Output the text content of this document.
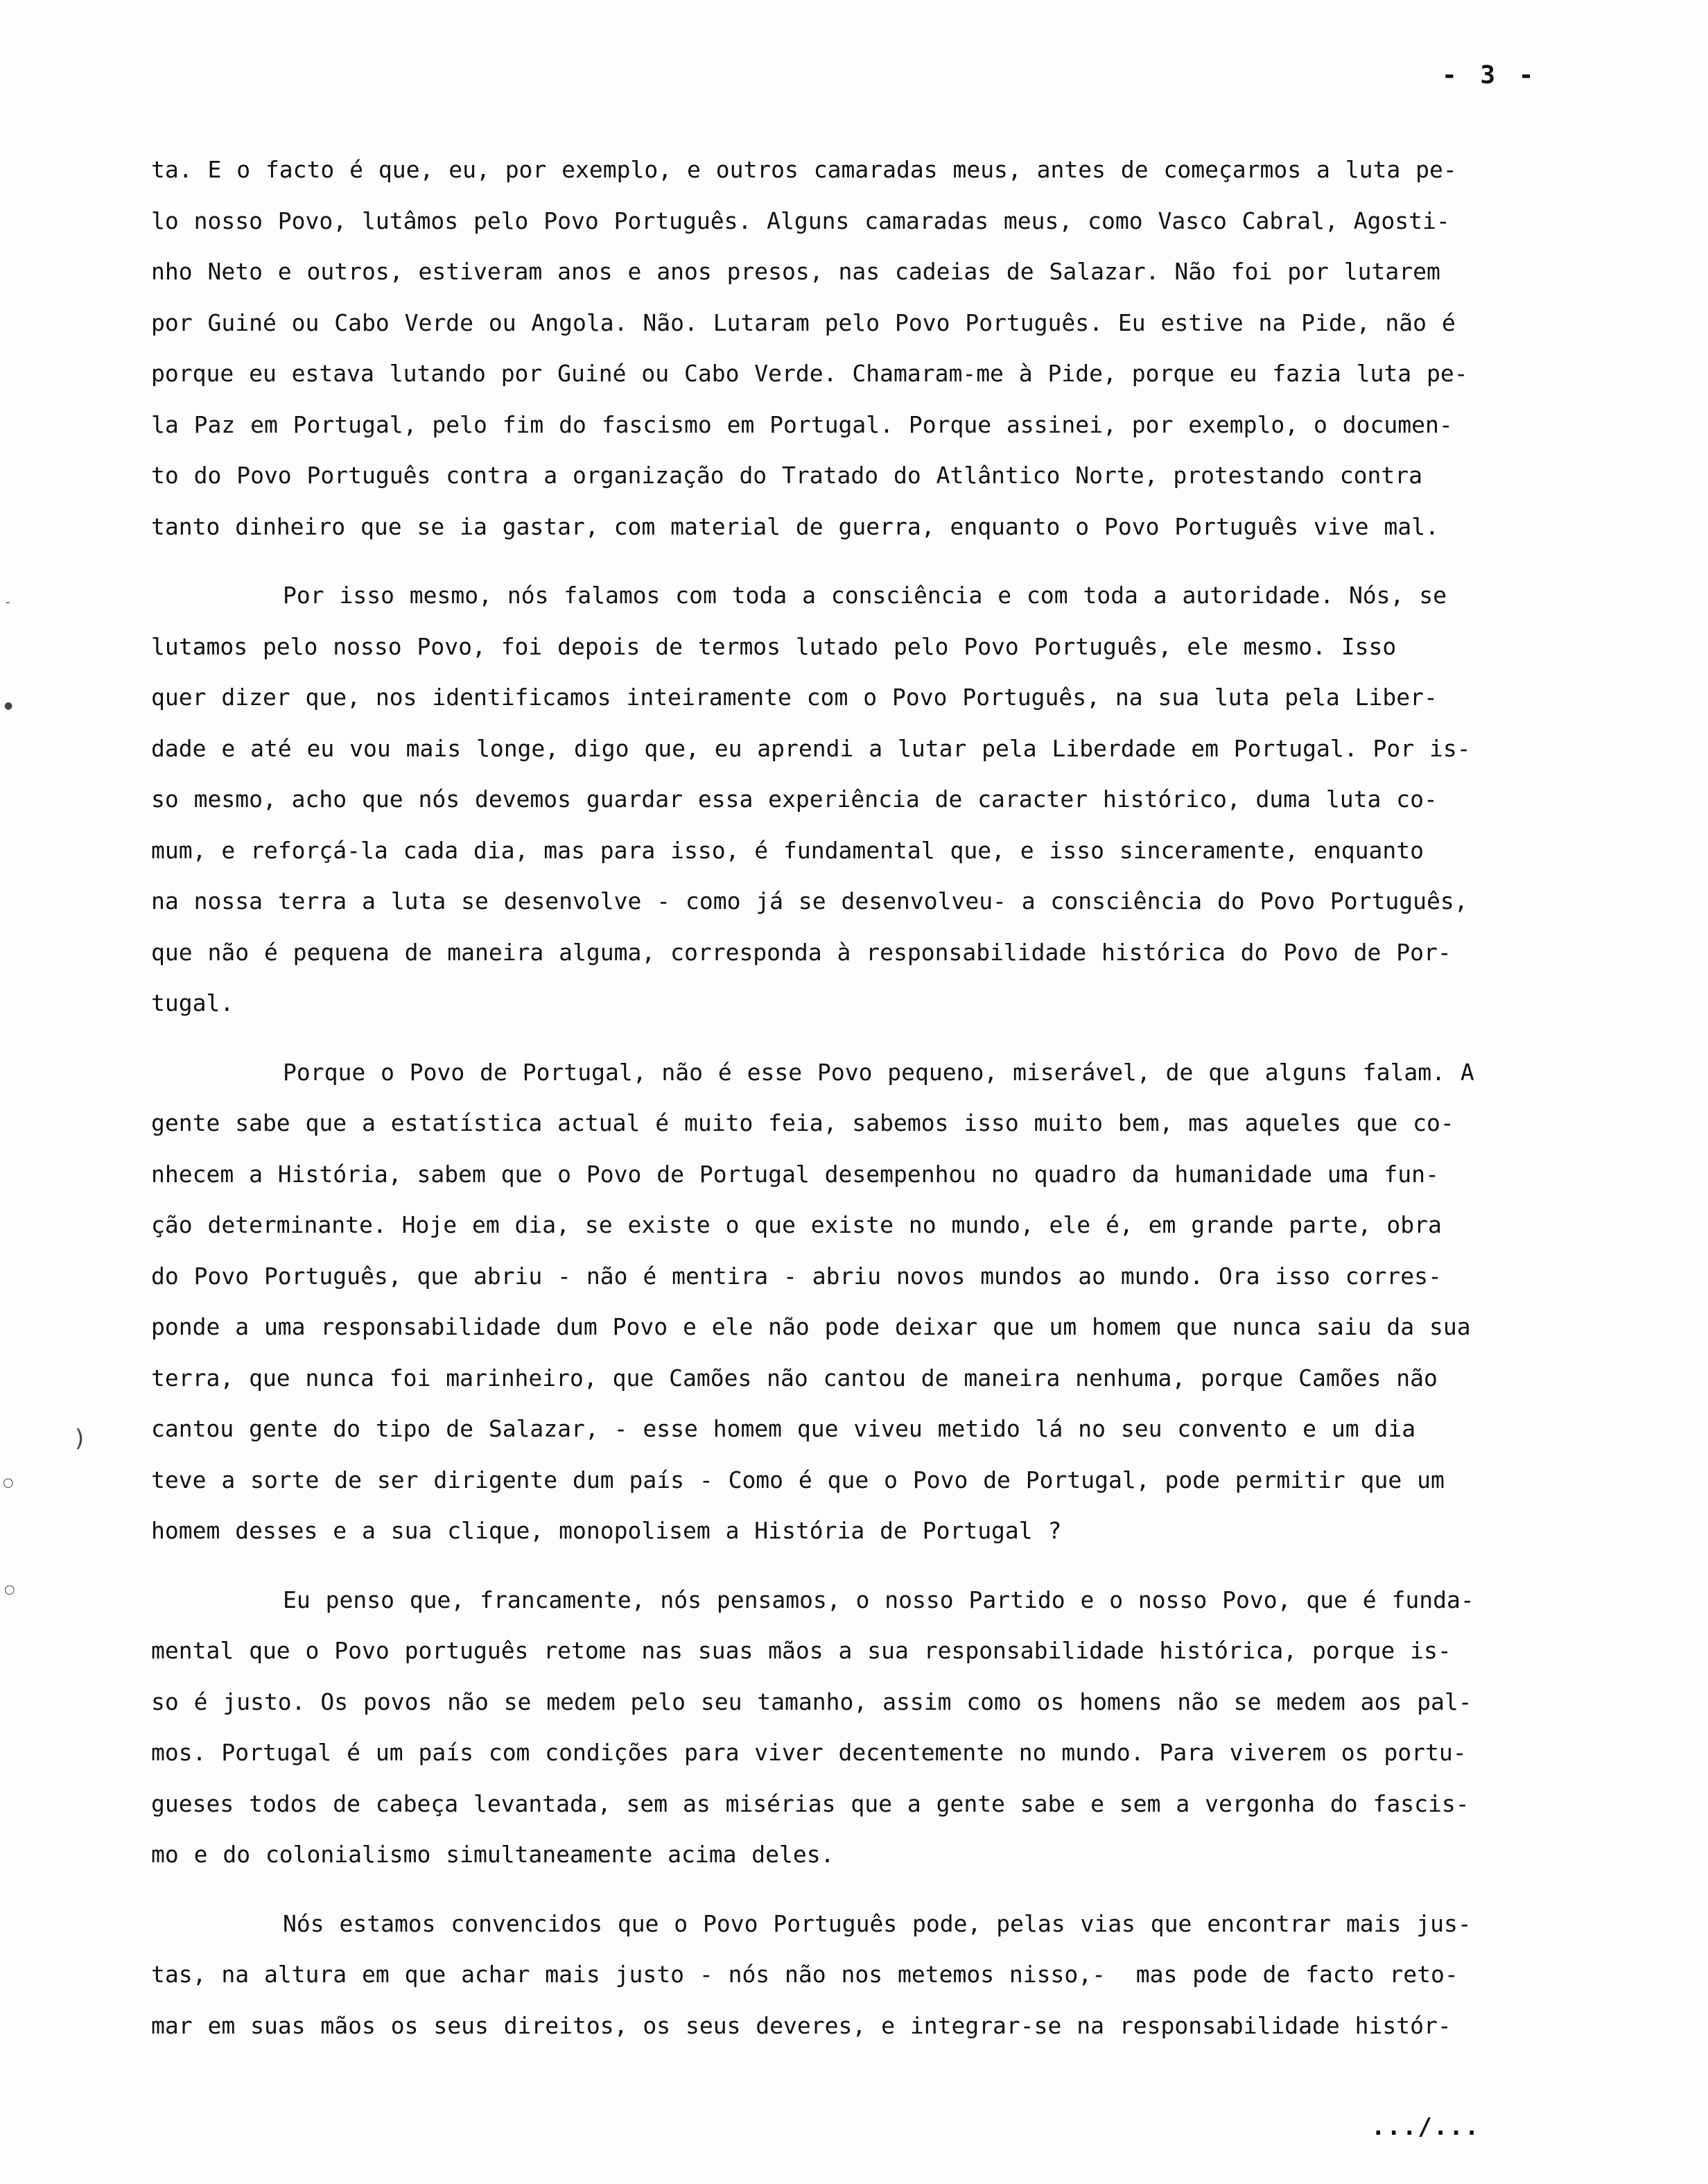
- 3 -
-
●
)
○
○
ta. E o facto é que, eu, por exemplo, e outros camaradas meus, antes de começarmos a luta pe-
lo nosso Povo, lutâmos pelo Povo Português. Alguns camaradas meus, como Vasco Cabral, Agosti-
nho Neto e outros, estiveram anos e anos presos, nas cadeias de Salazar. Não foi por lutarem
por Guiné ou Cabo Verde ou Angola. Não. Lutaram pelo Povo Português. Eu estive na Pide, não é
porque eu estava lutando por Guiné ou Cabo Verde. Chamaram-me à Pide, porque eu fazia luta pe-
la Paz em Portugal, pelo fim do fascismo em Portugal. Porque assinei, por exemplo, o documen-
to do Povo Português contra a organização do Tratado do Atlântico Norte, protestando contra
tanto dinheiro que se ia gastar, com material de guerra, enquanto o Povo Português vive mal.
Por isso mesmo, nós falamos com toda a consciência e com toda a autoridade. Nós, se
lutamos pelo nosso Povo, foi depois de termos lutado pelo Povo Português, ele mesmo. Isso
quer dizer que, nos identificamos inteiramente com o Povo Português, na sua luta pela Liber-
dade e até eu vou mais longe, digo que, eu aprendi a lutar pela Liberdade em Portugal. Por is-
so mesmo, acho que nós devemos guardar essa experiência de caracter histórico, duma luta co-
mum, e reforçá-la cada dia, mas para isso, é fundamental que, e isso sinceramente, enquanto
na nossa terra a luta se desenvolve - como já se desenvolveu- a consciência do Povo Português,
que não é pequena de maneira alguma, corresponda à responsabilidade histórica do Povo de Por-
tugal.
Porque o Povo de Portugal, não é esse Povo pequeno, miserável, de que alguns falam. A
gente sabe que a estatística actual é muito feia, sabemos isso muito bem, mas aqueles que co-
nhecem a História, sabem que o Povo de Portugal desempenhou no quadro da humanidade uma fun-
ção determinante. Hoje em dia, se existe o que existe no mundo, ele é, em grande parte, obra
do Povo Português, que abriu - não é mentira - abriu novos mundos ao mundo. Ora isso corres-
ponde a uma responsabilidade dum Povo e ele não pode deixar que um homem que nunca saiu da sua
terra, que nunca foi marinheiro, que Camões não cantou de maneira nenhuma, porque Camões não
cantou gente do tipo de Salazar, - esse homem que viveu metido lá no seu convento e um dia
teve a sorte de ser dirigente dum país - Como é que o Povo de Portugal, pode permitir que um
homem desses e a sua clique, monopolisem a História de Portugal ?
Eu penso que, francamente, nós pensamos, o nosso Partido e o nosso Povo, que é funda-
mental que o Povo português retome nas suas mãos a sua responsabilidade histórica, porque is-
so é justo. Os povos não se medem pelo seu tamanho, assim como os homens não se medem aos pal-
mos. Portugal é um país com condições para viver decentemente no mundo. Para viverem os portu-
gueses todos de cabeça levantada, sem as misérias que a gente sabe e sem a vergonha do fascis-
mo e do colonialismo simultaneamente acima deles.
Nós estamos convencidos que o Povo Português pode, pelas vias que encontrar mais jus-
tas, na altura em que achar mais justo - nós não nos metemos nisso,-  mas pode de facto reto-
mar em suas mãos os seus direitos, os seus deveres, e integrar-se na responsabilidade histór-
.../...
